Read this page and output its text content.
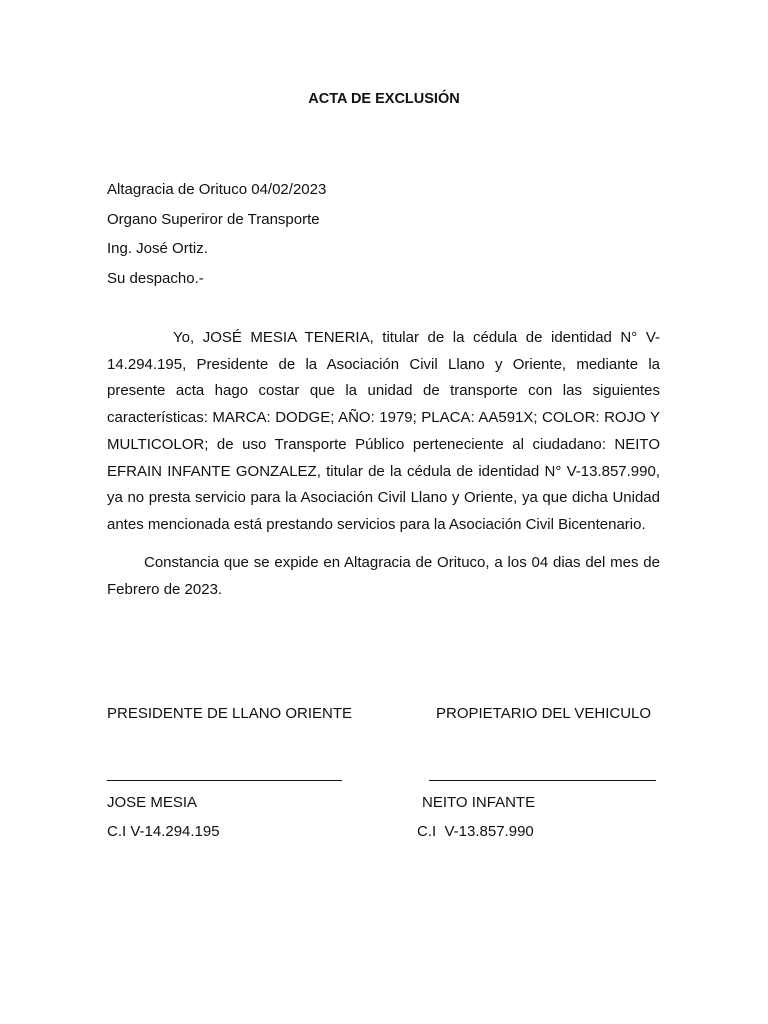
ACTA DE EXCLUSIÓN
Altagracia de Orituco 04/02/2023
Organo Superiror de Transporte
Ing. José Ortiz.
Su despacho.-
Yo, JOSÉ MESIA TENERIA, titular de la cédula de identidad N° V-14.294.195, Presidente de la Asociación Civil Llano y Oriente, mediante la presente acta hago costar que la unidad de transporte con las siguientes características: MARCA: DODGE; AÑO: 1979; PLACA: AA591X; COLOR: ROJO Y MULTICOLOR; de uso Transporte Público perteneciente al ciudadano: NEITO EFRAIN INFANTE GONZALEZ, titular de la cédula de identidad N° V-13.857.990, ya no presta servicio para la Asociación Civil Llano y Oriente, ya que dicha Unidad antes mencionada está prestando servicios para la Asociación Civil Bicentenario.
Constancia que se expide en Altagracia de Orituco, a los 04 dias del mes de Febrero de 2023.
PRESIDENTE DE LLANO ORIENTE	PROPIETARIO DEL VEHICULO
JOSE MESIA	NEITO INFANTE
C.I V-14.294.195	C.I  V-13.857.990
